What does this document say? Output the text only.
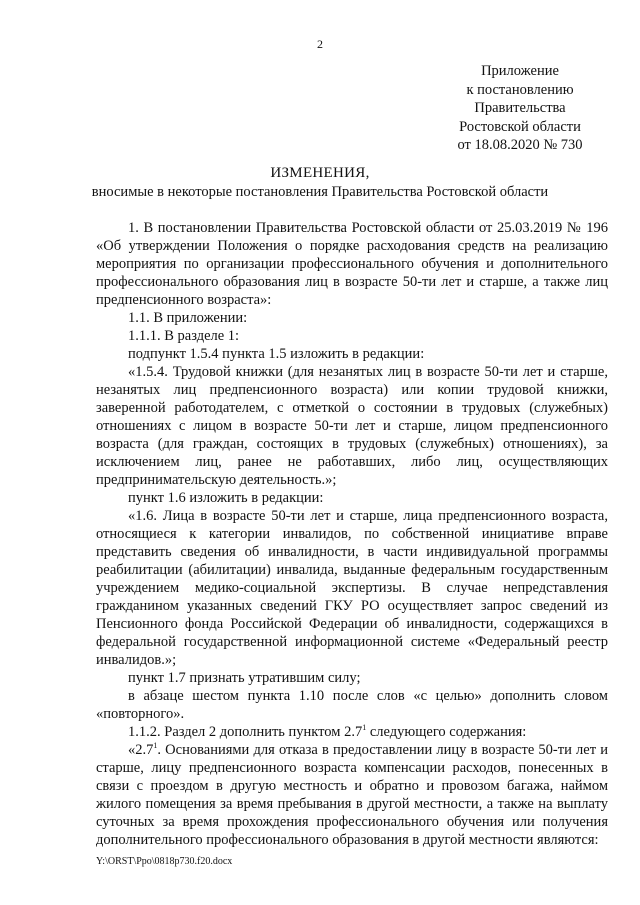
2
Приложение
к постановлению
Правительства
Ростовской области
от 18.08.2020 № 730
ИЗМЕНЕНИЯ,
вносимые в некоторые постановления Правительства Ростовской области

1. В постановлении Правительства Ростовской области от 25.03.2019 № 196 «Об утверждении Положения о порядке расходования средств на реализацию мероприятия по организации профессионального обучения и дополнительного профессионального образования лиц в возрасте 50-ти лет и старше, а также лиц предпенсионного возраста»:

1.1. В приложении:

1.1.1. В разделе 1:

подпункт 1.5.4 пункта 1.5 изложить в редакции:

«1.5.4. Трудовой книжки (для незанятых лиц в возрасте 50-ти лет и старше, незанятых лиц предпенсионного возраста) или копии трудовой книжки, заверенной работодателем, с отметкой о состоянии в трудовых (служебных) отношениях с лицом в возрасте 50-ти лет и старше, лицом предпенсионного возраста (для граждан, состоящих в трудовых (служебных) отношениях), за исключением лиц, ранее не работавших, либо лиц, осуществляющих предпринимательскую деятельность.»;

пункт 1.6 изложить в редакции:

«1.6. Лица в возрасте 50-ти лет и старше, лица предпенсионного возраста, относящиеся к категории инвалидов, по собственной инициативе вправе представить сведения об инвалидности, в части индивидуальной программы реабилитации (абилитации) инвалида, выданные федеральным государственным учреждением медико-социальной экспертизы. В случае непредставления гражданином указанных сведений ГКУ РО осуществляет запрос сведений из Пенсионного фонда Российской Федерации об инвалидности, содержащихся в федеральной государственной информационной системе «Федеральный реестр инвалидов.»;

пункт 1.7 признать утратившим силу;

в абзаце шестом пункта 1.10 после слов «с целью» дополнить словом «повторного».

1.1.2. Раздел 2 дополнить пунктом $2.7^1$ следующего содержания:

«$2.7^1$. Основаниями для отказа в предоставлении лицу в возрасте 50-ти лет и старше, лицу предпенсионного возраста компенсации расходов, понесенных в связи с проездом в другую местность и обратно и провозом багажа, наймом жилого помещения за время пребывания в другой местности, а также на выплату суточных за время прохождения профессионального обучения или получения дополнительного профессионального образования в другой местности являются:

Y:\ORST\Ppo\0818p730.f20.docx
